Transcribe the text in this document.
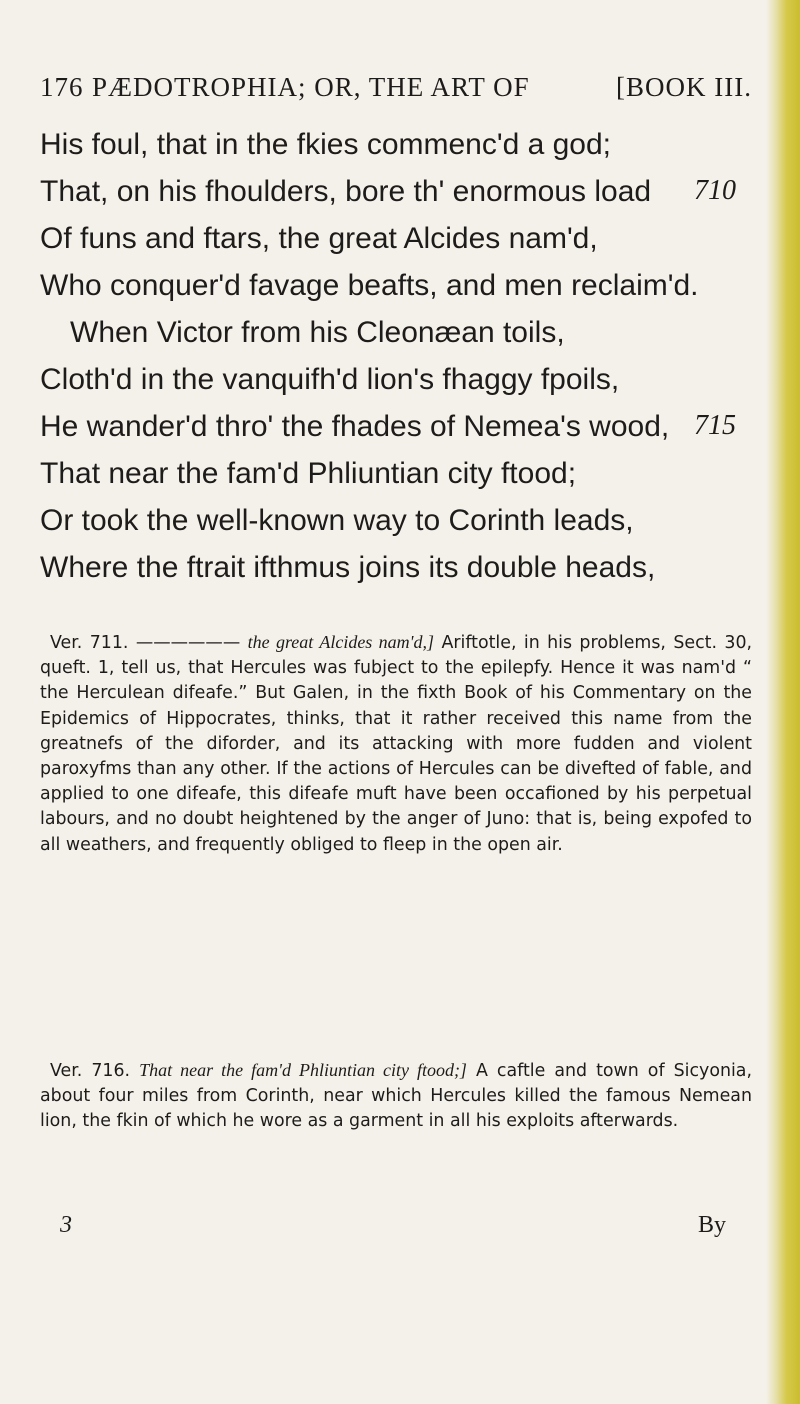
176 PÆDOTROPHIA; OR, THE ART OF	[BOOK III.
His foul, that in the fkies commenc'd a god;
That, on his fhoulders, bore th' enormous load 710
Of funs and ftars, the great Alcides nam'd,
Who conquer'd favage beafts, and men reclaim'd.
When Victor from his Cleonæan toils,
Cloth'd in the vanquifh'd lion's fhaggy fpoils,
He wander'd thro' the fhades of Nemea's wood, 715
That near the fam'd Phliuntian city ftood;
Or took the well-known way to Corinth leads,
Where the ftrait ifthmus joins its double heads,
Ver. 711. —————— the great Alcides nam'd,] Ariftotle, in his problems, Sect. 30, queft. 1, tell us, that Hercules was fubject to the epilepfy. Hence it was nam'd “ the Herculean difeafe.” But Galen, in the fixth Book of his Commentary on the Epidemics of Hippocrates, thinks, that it rather received this name from the greatnefs of the diforder, and its attacking with more fudden and violent paroxyfms than any other. If the actions of Hercules can be divefted of fable, and applied to one difeafe, this difeafe muft have been occafioned by his perpetual labours, and no doubt heightened by the anger of Juno: that is, being expofed to all weathers, and frequently obliged to fleep in the open air.
Ver. 716. That near the fam'd Phliuntian city ftood;] A caftle and town of Sicyonia, about four miles from Corinth, near which Hercules killed the famous Nemean lion, the fkin of which he wore as a garment in all his exploits afterwards.
3	By
